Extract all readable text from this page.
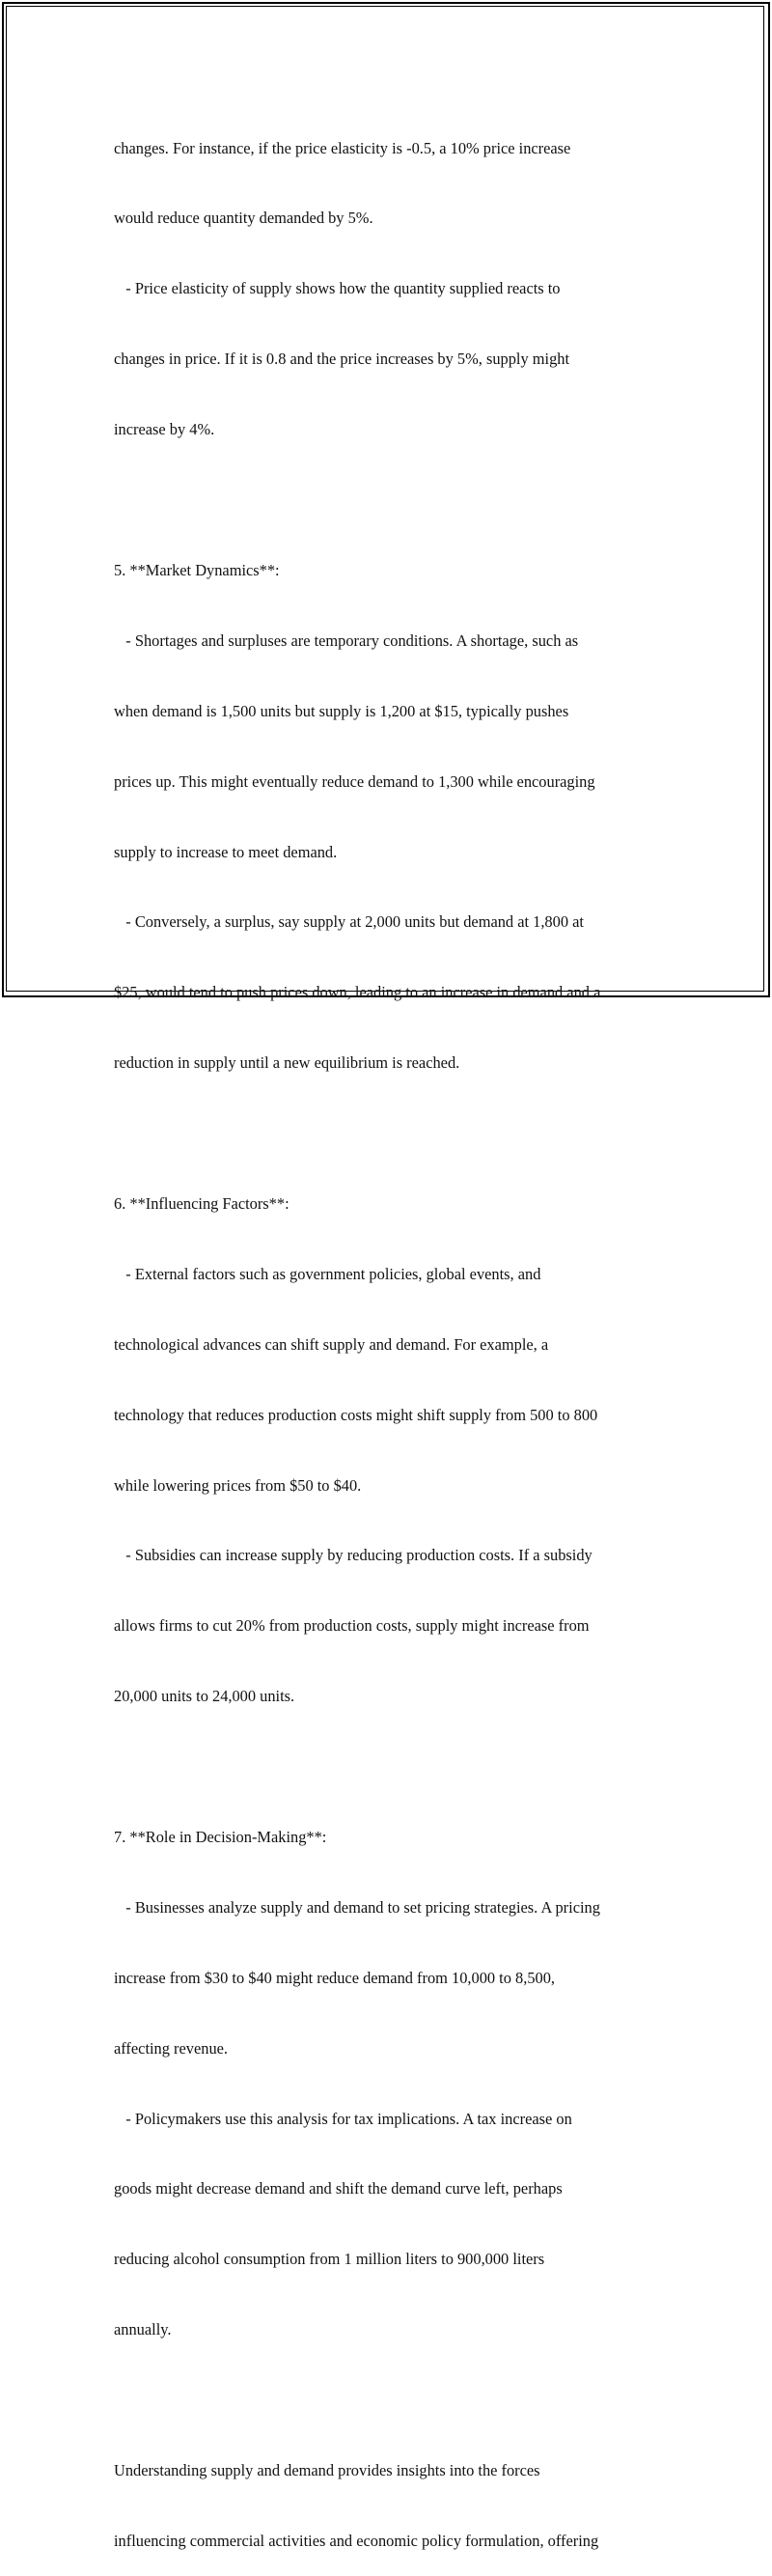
changes. For instance, if the price elasticity is -0.5, a 10% price increase

would reduce quantity demanded by 5%.

- Price elasticity of supply shows how the quantity supplied reacts to

changes in price. If it is 0.8 and the price increases by 5%, supply might

increase by 4%.

5. **Market Dynamics**:

- Shortages and surpluses are temporary conditions. A shortage, such as

when demand is 1,500 units but supply is 1,200 at $15, typically pushes

prices up. This might eventually reduce demand to 1,300 while encouraging

supply to increase to meet demand.

- Conversely, a surplus, say supply at 2,000 units but demand at 1,800 at

$25, would tend to push prices down, leading to an increase in demand and a

reduction in supply until a new equilibrium is reached.

6. **Influencing Factors**:

- External factors such as government policies, global events, and

technological advances can shift supply and demand. For example, a

technology that reduces production costs might shift supply from 500 to 800

while lowering prices from $50 to $40.

- Subsidies can increase supply by reducing production costs. If a subsidy

allows firms to cut 20% from production costs, supply might increase from

20,000 units to 24,000 units.

7. **Role in Decision-Making**:

- Businesses analyze supply and demand to set pricing strategies. A pricing

increase from $30 to $40 might reduce demand from 10,000 to 8,500,

affecting revenue.

- Policymakers use this analysis for tax implications. A tax increase on

goods might decrease demand and shift the demand curve left, perhaps

reducing alcohol consumption from 1 million liters to 900,000 liters

annually.

Understanding supply and demand provides insights into the forces

influencing commercial activities and economic policy formulation, offering
